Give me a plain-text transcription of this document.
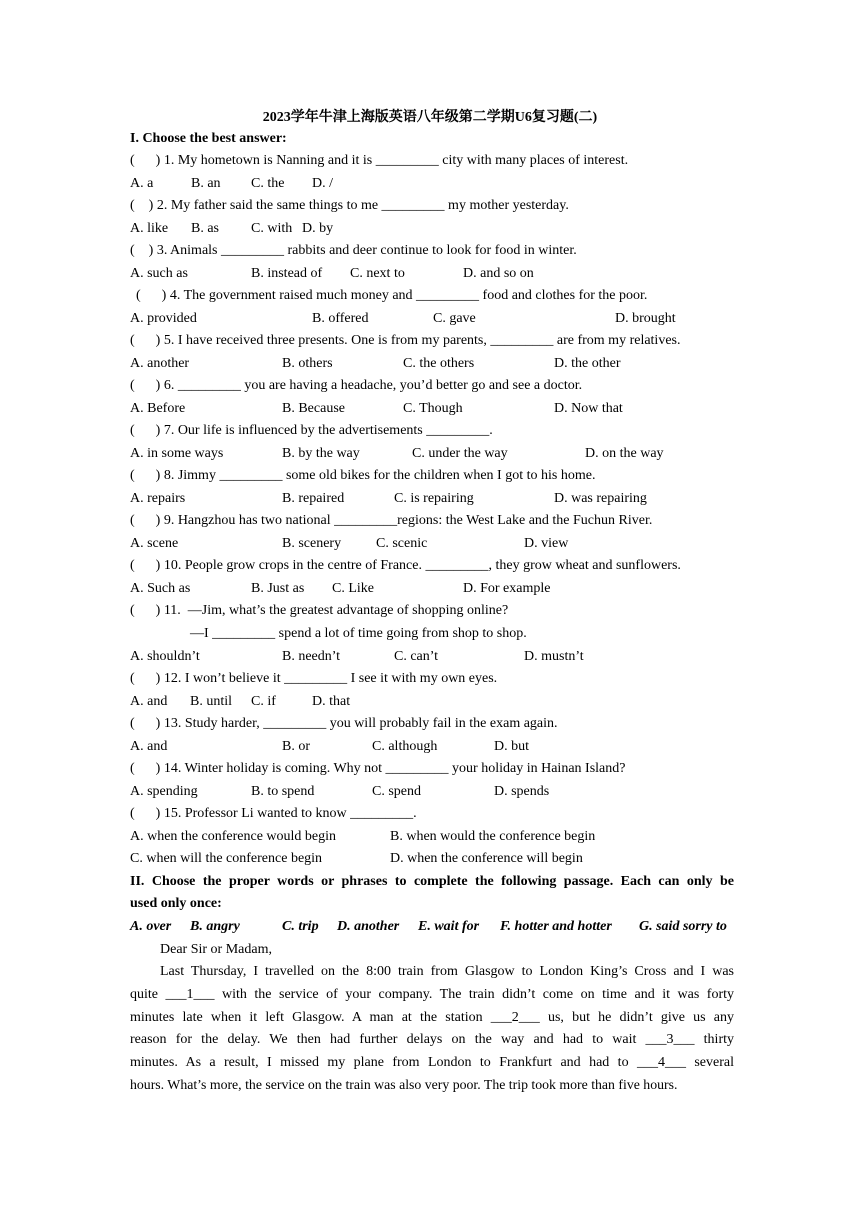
2023学年牛津上海版英语八年级第二学期U6复习题(二)
I. Choose the best answer:
(      ) 1. My hometown is Nanning and it is _________ city with many places of interest.
A. a	B. an C. the D. /
(    ) 2. My father said the same things to me _________ my mother yesterday.
A. like B. as C. with D. by
(    ) 3. Animals _________ rabbits and deer continue to look for food in winter.
A. such as	B. instead of C. next to	D. and so on
(      ) 4. The government raised much money and _________ food and clothes for the poor.
A. provided	B. offered	C. gave	D. brought
(      ) 5. I have received three presents. One is from my parents, _________ are from my relatives.
A. another	B. others	C. the others	D. the other
(      ) 6. _________ you are having a headache, you’d better go and see a doctor.
A. Before	B. Because	C. Though	D. Now that
(      ) 7. Our life is influenced by the advertisements _________.
A. in some ways	B. by the way	C. under the way	D. on the way
(      ) 8. Jimmy _________ some old bikes for the children when I got to his home.
A. repairs	B. repaired	C. is repairing	D. was repairing
(      ) 9. Hangzhou has two national _________regions: the West Lake and the Fuchun River.
A. scene	B. scenery C. scenic	D. view
(      ) 10. People grow crops in the centre of France. _________, they grow wheat and sunflowers.
A. Such as	B. Just as C. Like	D. For example
(      ) 11.  —Jim, what’s the greatest advantage of shopping online?
—I _________ spend a lot of time going from shop to shop.
A. shouldn’t	B. needn’t	C. can’t	D. mustn’t
(      ) 12. I won’t believe it _________ I see it with my own eyes.
A. and B. until C. if	D. that
(      ) 13. Study harder, _________ you will probably fail in the exam again.
A. and	B. or	C. although	D. but
(      ) 14. Winter holiday is coming. Why not _________ your holiday in Hainan Island?
A. spending	B. to spend	C. spend	D. spends
(      ) 15. Professor Li wanted to know _________.
A. when the conference would begin	B. when would the conference begin
C. when will the conference begin	D. when the conference will begin
II. Choose the proper words or phrases to complete the following passage. Each can only be
used only once:
A. over B. angry	C. trip D. another E. wait for F. hotter and hotter G. said sorry to
Dear Sir or Madam,
Last Thursday, I travelled on the 8:00 train from Glasgow to London King’s Cross and I was
quite ___1___ with the service of your company. The train didn’t come on time and it was forty
minutes late when it left Glasgow. A man at the station ___2___ us, but he didn’t give us any
reason for the delay. We then had further delays on the way and had to wait ___3___ thirty
minutes. As a result, I missed my plane from London to Frankfurt and had to ___4___ several
hours. What’s more, the service on the train was also very poor. The trip took more than five hours.
